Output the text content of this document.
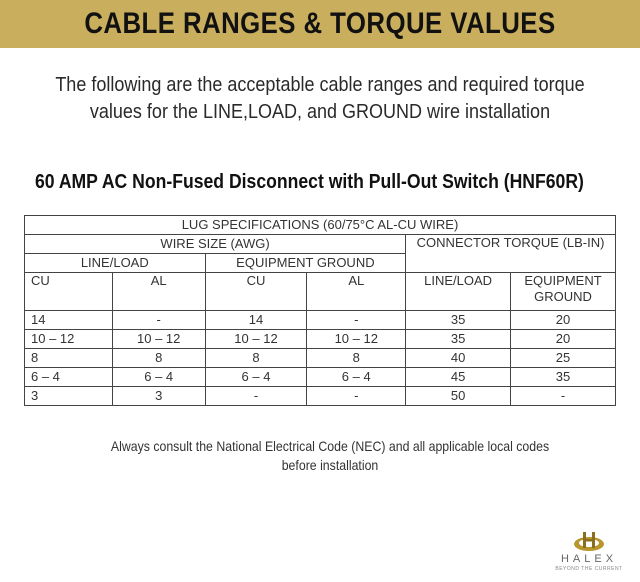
CABLE RANGES & TORQUE VALUES
The following are the acceptable cable ranges and required torque
values for the LINE,LOAD, and GROUND wire installation
60 AMP AC Non-Fused Disconnect with Pull-Out Switch (HNF60R)
LUG SPECIFICATIONS (60/75°C AL-CU WIRE)					
WIRE SIZE (AWG)				CONNECTOR TORQUE (LB-IN)	
LINE/LOAD		EQUIPMENT GROUND			
CU	AL	CU	AL	LINE/LOAD	EQUIPMENT GROUND
14	-	14	-	35	20
10 – 12	10 – 12	10 – 12	10 – 12	35	20
8	8	8	8	40	25
6 – 4	6 – 4	6 – 4	6 – 4	45	35
3	3	-	-	50	-
Always consult the National Electrical Code (NEC) and all applicable local codes
before installation
HALEX
BEYOND THE CURRENT
